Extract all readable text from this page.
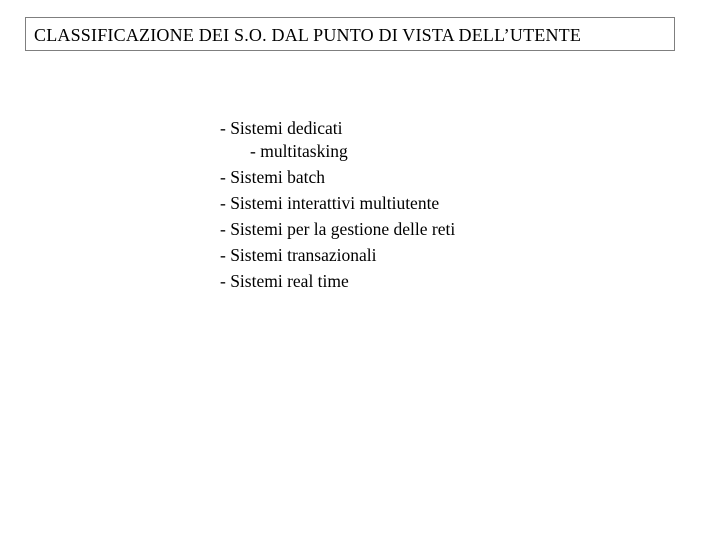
CLASSIFICAZIONE DEI S.O. DAL PUNTO DI VISTA DELL’UTENTE
- Sistemi dedicati
- multitasking
- Sistemi batch
- Sistemi interattivi multiutente
- Sistemi per la gestione delle reti
- Sistemi transazionali
- Sistemi real time
